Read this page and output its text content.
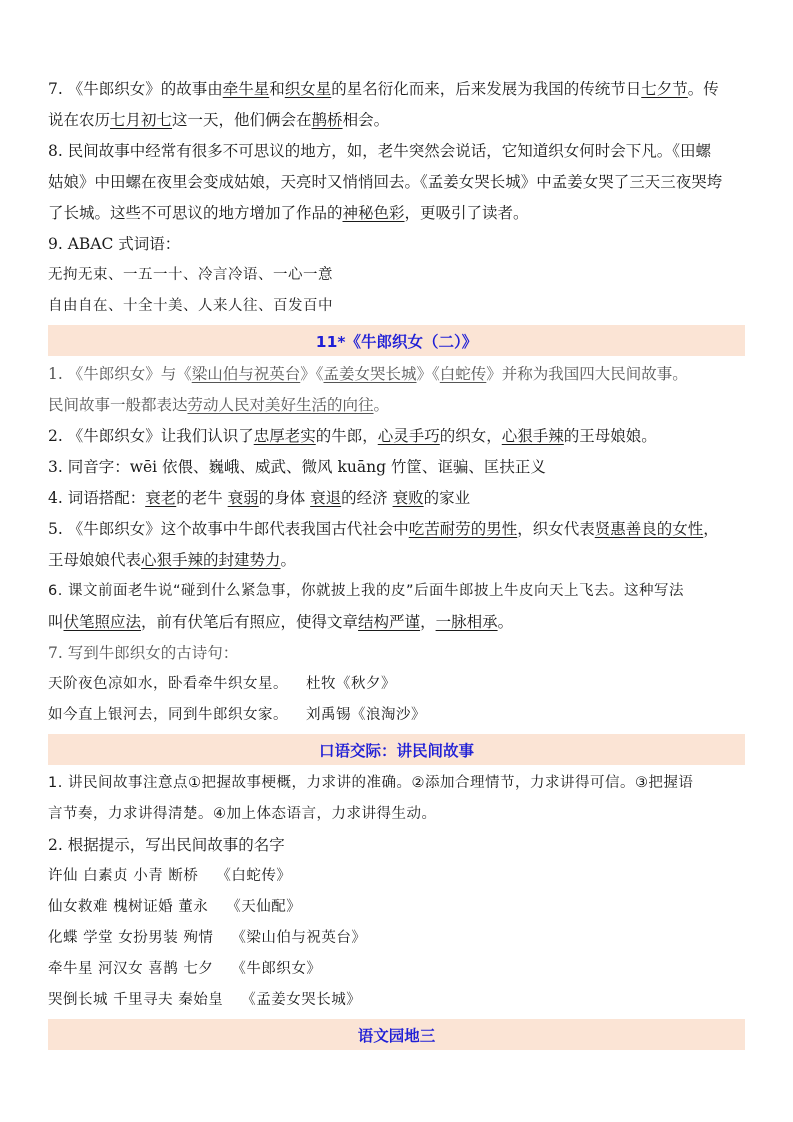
7. 《牛郎织女》的故事由牵牛星和织女星的星名衍化而来，后来发展为我国的传统节日七夕节。传
说在农历七月初七这一天，他们俩会在鹊桥相会。
8. 民间故事中经常有很多不可思议的地方，如，老牛突然会说话，它知道织女何时会下凡。《田螺
姑娘》中田螺在夜里会变成姑娘，天亮时又悄悄回去。《孟姜女哭长城》中孟姜女哭了三天三夜哭垮
了长城。这些不可思议的地方增加了作品的神秘色彩，更吸引了读者。
9. ABAC 式词语：
无拘无束、一五一十、冷言冷语、一心一意
自由自在、十全十美、人来人往、百发百中
11*《牛郎织女（二）》
1. 《牛郎织女》与《梁山伯与祝英台》《孟姜女哭长城》《白蛇传》并称为我国四大民间故事。
民间故事一般都表达劳动人民对美好生活的向往。
2. 《牛郎织女》让我们认识了忠厚老实的牛郎，心灵手巧的织女，心狠手辣的王母娘娘。
3. 同音字：wēi 依偎、巍峨、威武、微风 kuāng 竹筐、诓骗、匡扶正义
4. 词语搭配：衰老的老牛 衰弱的身体 衰退的经济 衰败的家业
5. 《牛郎织女》这个故事中牛郎代表我国古代社会中吃苦耐劳的男性，织女代表贤惠善良的女性，
王母娘娘代表心狠手辣的封建势力。
6. 课文前面老牛说“碰到什么紧急事，你就披上我的皮”后面牛郎披上牛皮向天上飞去。这种写法
叫伏笔照应法，前有伏笔后有照应，使得文章结构严谨，一脉相承。
7. 写到牛郎织女的古诗句：
天阶夜色凉如水，卧看牵牛织女星。 杜牧《秋夕》
如今直上银河去，同到牛郎织女家。 刘禹锡《浪淘沙》
口语交际：讲民间故事
1. 讲民间故事注意点①把握故事梗概，力求讲的准确。②添加合理情节，力求讲得可信。③把握语
言节奏，力求讲得清楚。④加上体态语言，力求讲得生动。
2. 根据提示，写出民间故事的名字
许仙 白素贞 小青 断桥 《白蛇传》
仙女救难 槐树证婚 董永 《天仙配》
化蝶 学堂 女扮男装 殉情 《梁山伯与祝英台》
牵牛星 河汉女 喜鹊 七夕 《牛郎织女》
哭倒长城 千里寻夫 秦始皇 《孟姜女哭长城》
语文园地三
